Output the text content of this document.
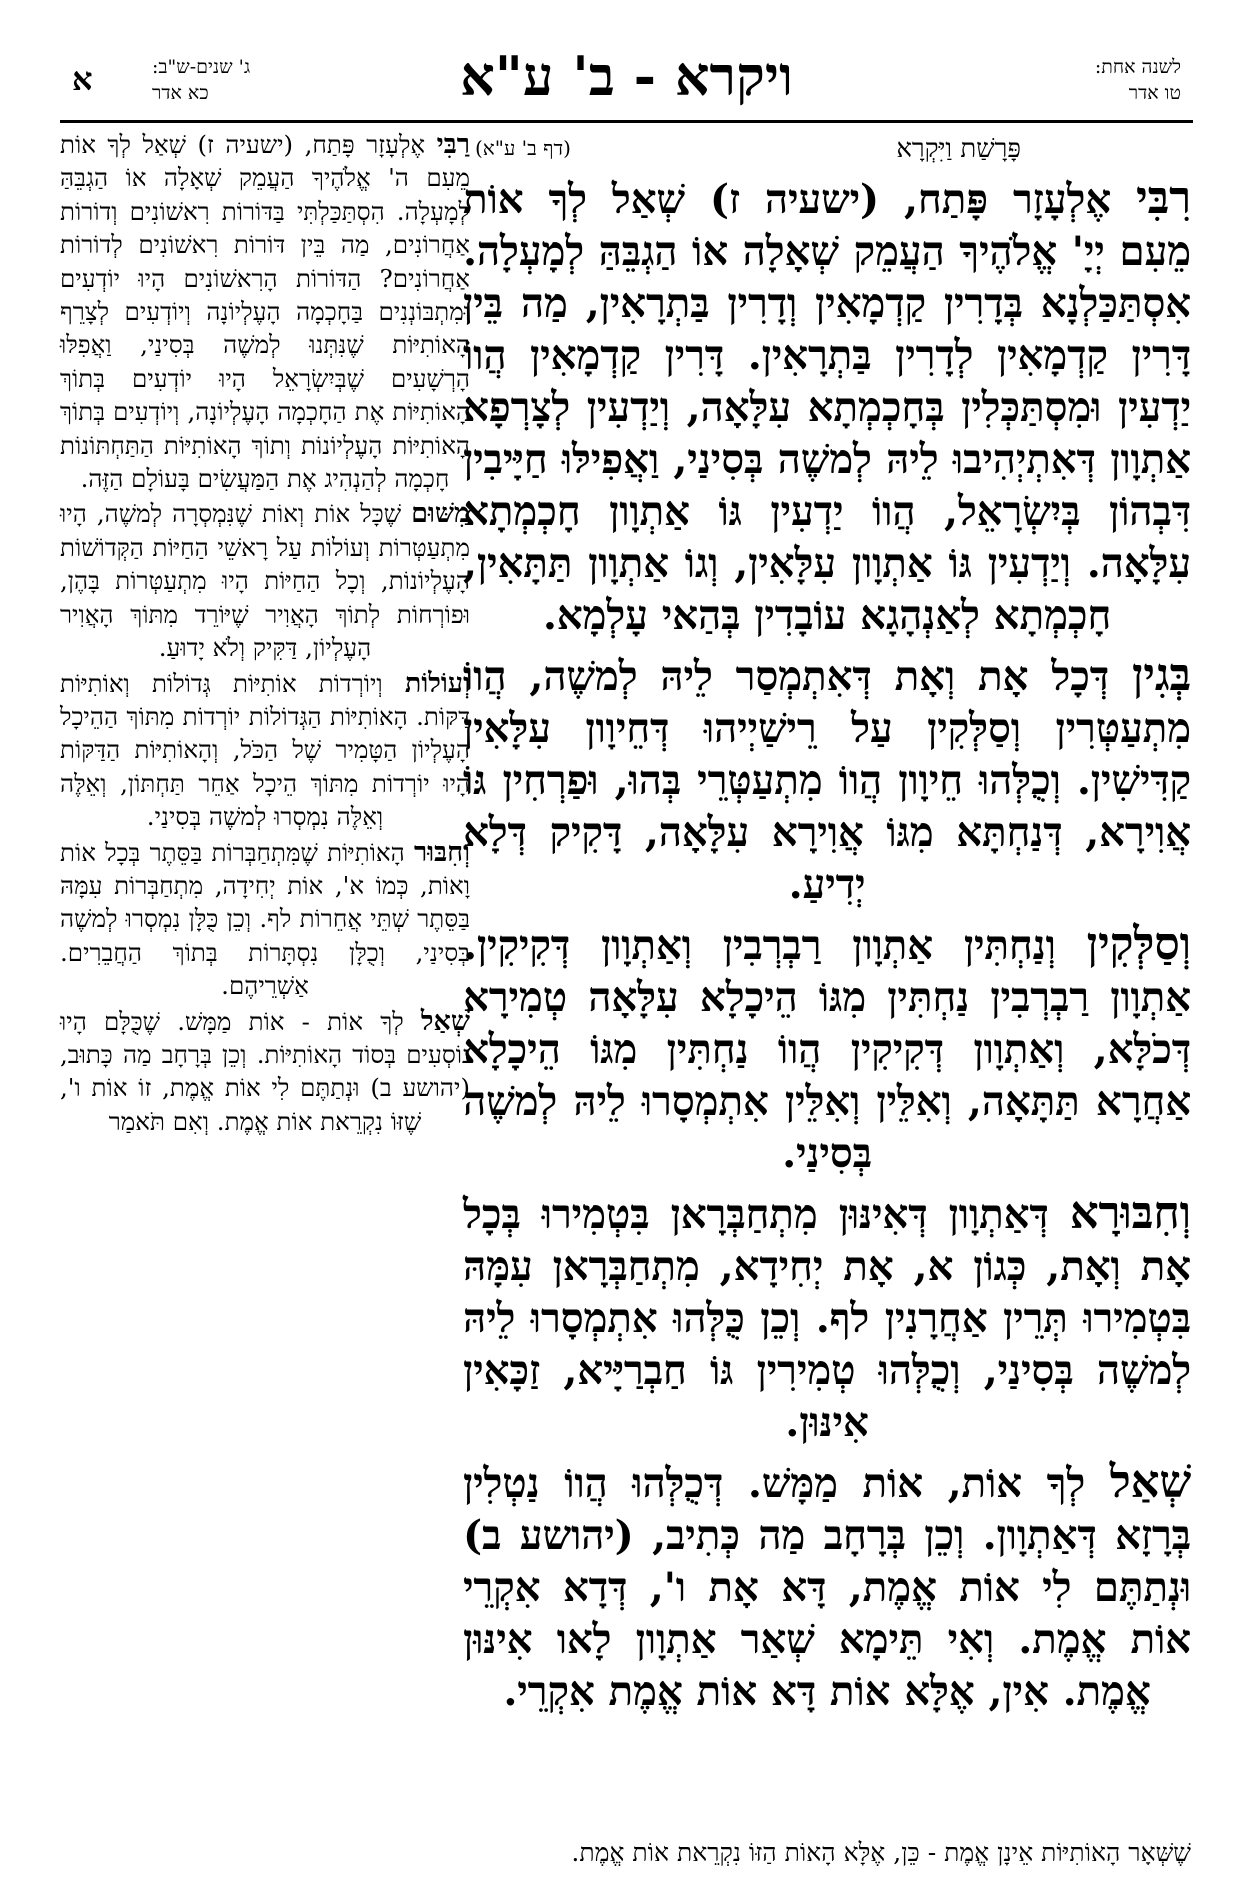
לשנה אחת:
טו אדר
ויקרא - ב' ע"א
ג' שנים-ש"ב:
כא אדר
א
פָּרָשַׁת וַיִּקְרָא
(דף ב' ע"א)

רִבִּי אֶלְעָזָר פָּתַח, (ישעיה ז) שְׁאַל לְךָ אוֹת מֵעִם יְיָ' אֱלֹהֶיךָ הַעֲמֵק שְׁאָלָה אוֹ הַגְבֵּהַּ לְמָעְלָה. אִסְתַּכַּלְנָא בְּדָרִין קַדְמָאִין וְדָרִין בַּתְרָאִין, מַה בֵּין דָּרִין קַדְמָאִין לְדָרִין בַּתְרָאִין. דָּרִין קַדְמָאִין הֲווֹ יַדְעִין וּמִסְתַּכְּלִין בְּחָכְמְתָא עִלָּאָה, וְיַדְעִין לְצָרְפָא אַתְוָון דְּאִתְיְהִיבוּ לֵיהּ לְמשֶׁה בְּסִינַי, וַאֲפִילּוּ חַיָּיבִין דִּבְהוֹן בְּיִשְׂרָאֵל, הֲווֹ יַדְעִין גּוֹ אַתְוָון חָכְמְתָא עִלָּאָה. וְיַדְעִין גּוֹ אַתְוָון עִלָּאִין, וְגוֹ אַתְוָון תַּתָּאִין, חָכְמְתָא לְאַנְהָגָא עוֹבָדִין בְּהַאי עָלְמָא.

בְּגִין דְּכָל אָת וְאָת דְּאִתְמְסַר לֵיהּ לְמשֶׁה, הֲווֹ מִתְעַטְּרִין וְסַלְּקִין עַל רֵישַׁיְיהוּ דְּחֵיוָון עִלָּאִין קַדִּישִׁין. וְכֻלְּהוּ חֵיוָון הֲווֹ מִתְעַטְּרֵי בְּהוּ, וּפַרְחִין גּוֹ אֲוִירָא, דְּנַחְתָּא מִגּוֹ אֲוִירָא עִלָּאָה, דָּקִיק דְּלָא יְדִיעַ.

וְסַלְּקִין וְנַחְתִּין אַתְוָון רַבְרְבִין וְאַתְוָון דְּקִיקִין. אַתְוָון רַבְרְבִין נַחְתִּין מִגּוֹ הֵיכָלָא עִלָּאָה טְמִירָא דְּכֹלָּא, וְאַתְוָון דְּקִיקִין הֲווֹ נַחְתִּין מִגּוֹ הֵיכָלָא אַחֲרָא תַּתָּאָה, וְאִלֵּין וְאִלֵּין אִתְמְסָרוּ לֵיהּ לְמשֶׁה בְּסִינַי.

וְחִבּוּרָא דְּאַתְוָון דְּאִינּוּן מִתְחַבְּרָאן בִּטְמִירוּ בְּכָל אָת וְאָת, כְּגוֹן א, אָת יְחִידָא, מִתְחַבְּרָאן עִמָּהּ בִּטְמִירוּ תְּרֵין אַחֲרָנִין לף. וְכֵן כֻּלְּהוּ אִתְמְסָרוּ לֵיהּ לְמשֶׁה בְּסִינַי, וְכֻלְּהוּ טְמִירִין גּוֹ חַבְרַיָּיא, זַכָּאִין אִינּוּן.

שְׁאַל לְךָ אוֹת, אוֹת מַמָּשׁ. דְּכֻלְּהוּ הֲווֹ נַטְלִין בְּרָזָא דְּאַתְוָון. וְכֵן בְּרָחָב מַה כְּתִיב, (יהושע ב) וּנְתַתֶּם לִי אוֹת אֱמֶת, דָּא אָת ו', דְּדָא אִקְרֵי אוֹת אֱמֶת. וְאִי תֵּימָא שְׁאַר אַתְוָון לָאו אִינּוּן אֱמֶת. אִין, אֶלָּא אוֹת דָּא אוֹת אֱמֶת אִקְרֵי.

רַבִּי אֶלְעָזָר פָּתַח, (ישעיה ז) שְׁאַל לְךָ אוֹת מֵעִם ה' אֱלֹהֶיךָ הַעֲמֵק שְׁאָלָה אוֹ הַגְבֵּהַּ לְמָעְלָה. הִסְתַּכַּלְתִּי בַּדּוֹרוֹת רִאשׁוֹנִים וְדוֹרוֹת אַחֲרוֹנִים, מַה בֵּין דּוֹרוֹת רִאשׁוֹנִים לְדוֹרוֹת אַחֲרוֹנִים? הַדּוֹרוֹת הָרִאשׁוֹנִים הָיוּ יוֹדְעִים וּמִתְבּוֹנְנִים בַּחָכְמָה הָעֶלְיוֹנָה וְיוֹדְעִים לְצָרֵף הָאוֹתִיּוֹת שֶׁנִּתְּנוּ לְמשֶׁה בְּסִינַי, וַאֲפִלּוּ הָרְשָׁעִים שֶׁבְּיִשְׂרָאֵל הָיוּ יוֹדְעִים בְּתוֹךְ הָאוֹתִיּוֹת אֶת הַחָכְמָה הָעֶלְיוֹנָה, וְיוֹדְעִים בְּתוֹךְ הָאוֹתִיּוֹת הָעֶלְיוֹנוֹת וְתוֹךְ הָאוֹתִיּוֹת הַתַּחְתּוֹנוֹת חָכְמָה לְהַנְהִיג אֶת הַמַּעֲשִׂים בָּעוֹלָם הַזֶּה.

מִשּׁוּם שֶׁכָּל אוֹת וְאוֹת שֶׁנִּמְסְרָה לְמשֶׁה, הָיוּ מִתְעַטְּרוֹת וְעוֹלוֹת עַל רָאשֵׁי הַחַיּוֹת הַקְּדוֹשׁוֹת הָעֶלְיוֹנוֹת, וְכָל הַחַיּוֹת הָיוּ מִתְעַטְּרוֹת בָּהֶן, וּפוֹרְחוֹת לְתוֹךְ הָאֲוִיר שֶׁיּוֹרֵד מִתּוֹךְ הָאֲוִיר הָעֶלְיוֹן, דַּקִּיק וְלֹא יָדוּעַ.

וְעוֹלוֹת וְיוֹרְדוֹת אוֹתִיּוֹת גְּדוֹלוֹת וְאוֹתִיּוֹת דַּקּוֹת. הָאוֹתִיּוֹת הַגְּדוֹלוֹת יוֹרְדוֹת מִתּוֹךְ הַהֵיכָל הָעֶלְיוֹן הַטָּמִיר שֶׁל הַכֹּל, וְהָאוֹתִיּוֹת הַדַּקּוֹת הָיוּ יוֹרְדוֹת מִתּוֹךְ הֵיכָל אַחֵר תַּחְתּוֹן, וְאֵלֶּה וְאֵלֶּה נִמְסְרוּ לְמשֶׁה בְּסִינַי.

וְחִבּוּר הָאוֹתִיּוֹת שֶׁמִּתְחַבְּרוֹת בַּסֵּתֶר בְּכָל אוֹת וָאוֹת, כְּמוֹ א', אוֹת יְחִידָה, מִתְחַבְּרוֹת עִמָּהּ בַּסֵּתֶר שְׁתֵּי אֲחֵרוֹת לף. וְכֵן כֻּלָּן נִמְסְרוּ לְמשֶׁה בְּסִינַי, וְכֻלָּן נִסְתָּרוֹת בְּתוֹךְ הַחֲבֵרִים. אַשְׁרֵיהֶם.

שְׁאַל לְךָ אוֹת - אוֹת מַמָּשׁ. שֶׁכֻּלָּם הָיוּ נוֹסְעִים בְּסוֹד הָאוֹתִיּוֹת. וְכֵן בְּרָחָב מַה כָּתוּב, (יהושע ב) וּנְתַתֶּם לִי אוֹת אֱמֶת, זוֹ אוֹת ו', שֶׁזּוֹ נִקְרֵאת אוֹת אֱמֶת. וְאִם תֹּאמַר

שֶׁשְּׁאָר הָאוֹתִיּוֹת אֵינָן אֱמֶת - כֵּן, אֶלָּא הָאוֹת הַזּוֹ נִקְרֵאת אוֹת אֱמֶת.
